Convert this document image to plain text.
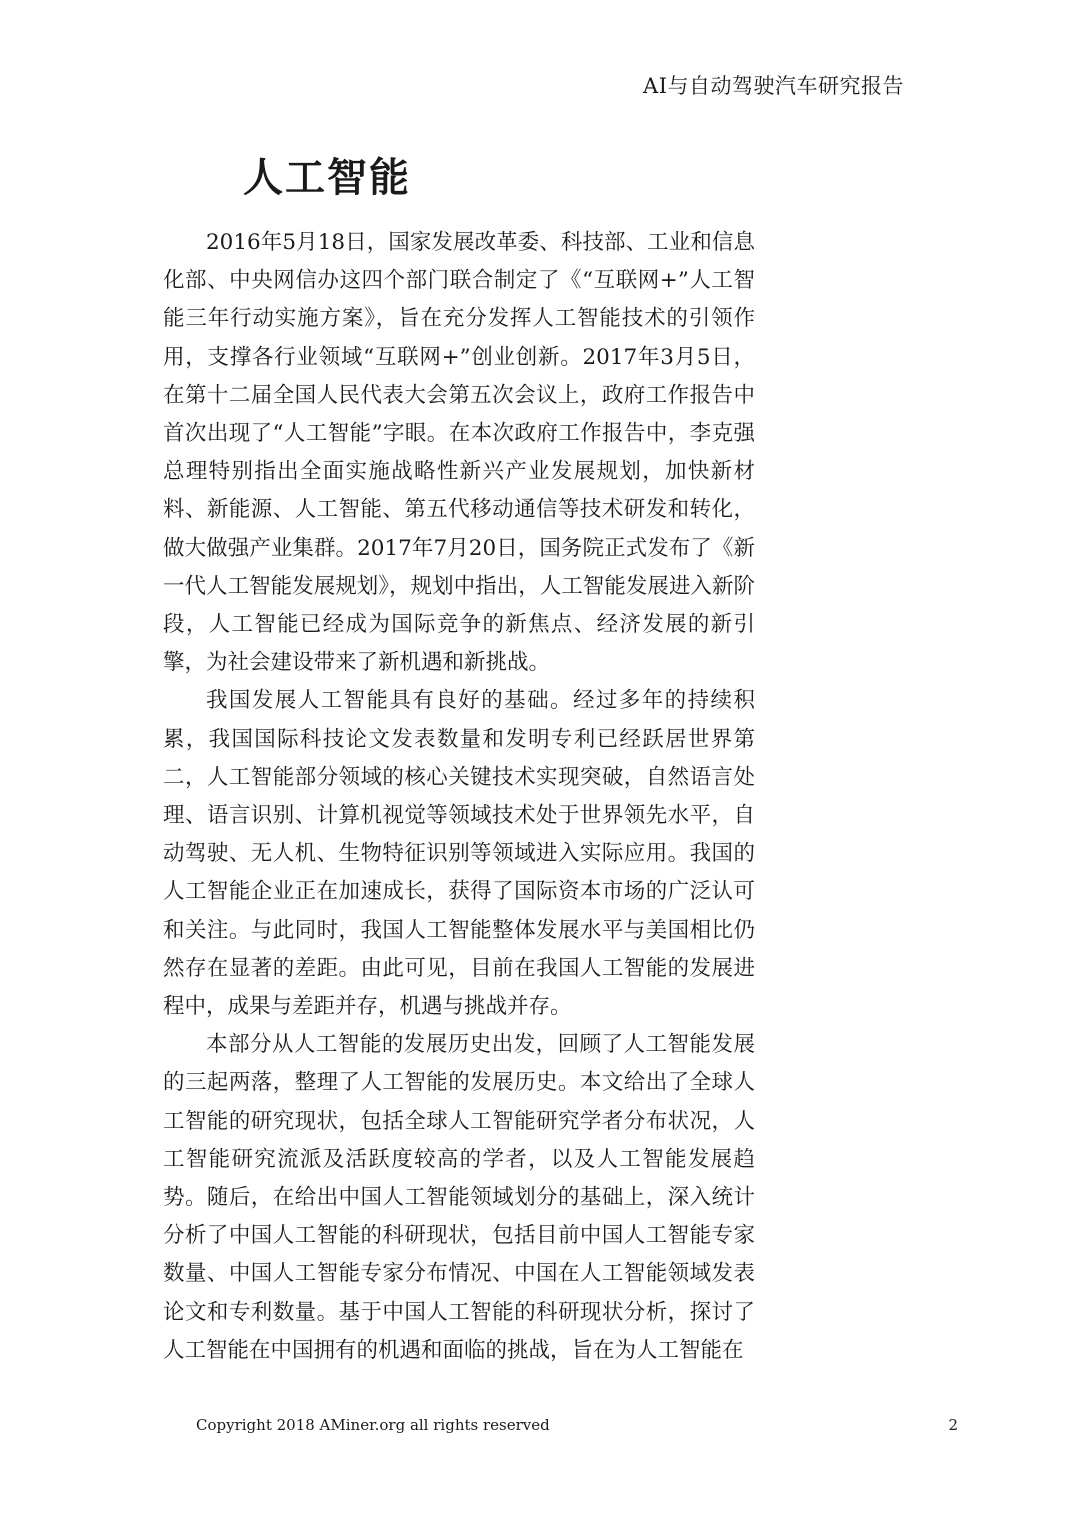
AI与自动驾驶汽车研究报告
人工智能

2016年5月18日，国家发展改革委、科技部、工业和信息化部、中央网信办这四个部门联合制定了《“互联网+”人工智能三年行动实施方案》，旨在充分发挥人工智能技术的引领作用，支撑各行业领域“互联网+”创业创新。2017年3月5日，在第十二届全国人民代表大会第五次会议上，政府工作报告中首次出现了“人工智能”字眼。在本次政府工作报告中，李克强总理特别指出全面实施战略性新兴产业发展规划，加快新材料、新能源、人工智能、第五代移动通信等技术研发和转化，做大做强产业集群。2017年7月20日，国务院正式发布了《新一代人工智能发展规划》，规划中指出，人工智能发展进入新阶段，人工智能已经成为国际竞争的新焦点、经济发展的新引擎，为社会建设带来了新机遇和新挑战。

我国发展人工智能具有良好的基础。经过多年的持续积累，我国国际科技论文发表数量和发明专利已经跃居世界第二，人工智能部分领域的核心关键技术实现突破，自然语言处理、语言识别、计算机视觉等领域技术处于世界领先水平，自动驾驶、无人机、生物特征识别等领域进入实际应用。我国的人工智能企业正在加速成长，获得了国际资本市场的广泛认可和关注。与此同时，我国人工智能整体发展水平与美国相比仍然存在显著的差距。由此可见，目前在我国人工智能的发展进程中，成果与差距并存，机遇与挑战并存。

本部分从人工智能的发展历史出发，回顾了人工智能发展的三起两落，整理了人工智能的发展历史。本文给出了全球人工智能的研究现状，包括全球人工智能研究学者分布状况，人工智能研究流派及活跃度较高的学者，以及人工智能发展趋势。随后，在给出中国人工智能领域划分的基础上，深入统计分析了中国人工智能的科研现状，包括目前中国人工智能专家数量、中国人工智能专家分布情况、中国在人工智能领域发表论文和专利数量。基于中国人工智能的科研现状分析，探讨了人工智能在中国拥有的机遇和面临的挑战，旨在为人工智能在

Copyright 2018 AMiner.org all rights reserved	2
